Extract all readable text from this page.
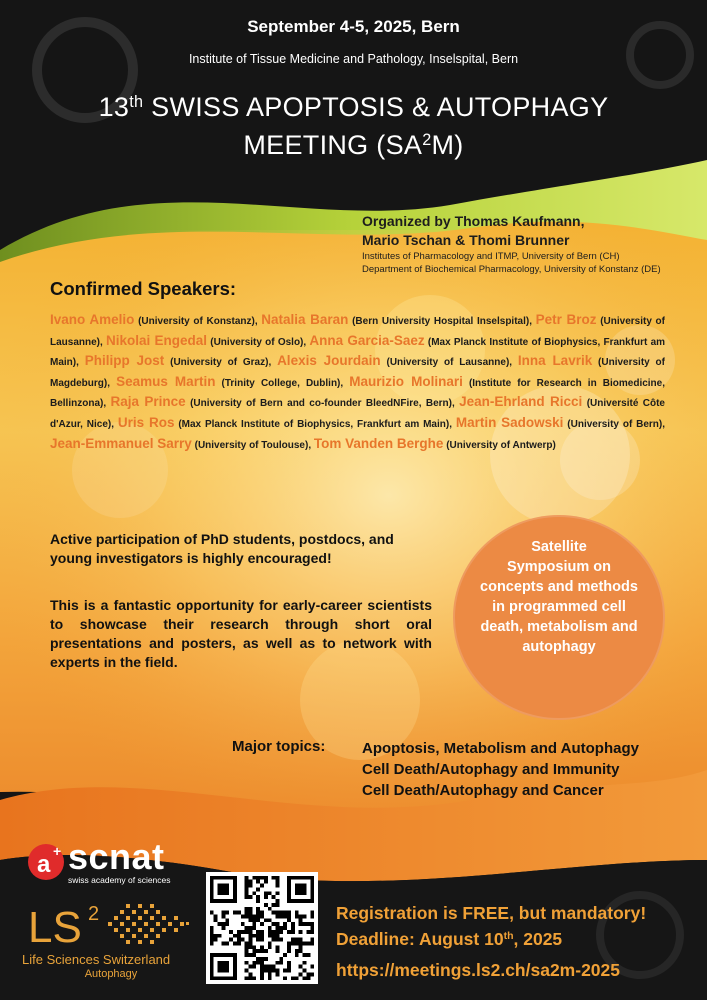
September 4-5, 2025, Bern
Institute of Tissue Medicine and Pathology, Inselspital, Bern
13th SWISS APOPTOSIS & AUTOPHAGY
MEETING $(SA^2M)$
Organized by Thomas Kaufmann,
Mario Tschan & Thomi Brunner
Institutes of Pharmacology and ITMP, University of Bern (CH)
Department of Biochemical Pharmacology, University of Konstanz (DE)
Confirmed Speakers:
Ivano Amelio (University of Konstanz), Natalia Baran (Bern University Hospital Inselspital), Petr Broz (University of Lausanne), Nikolai Engedal (University of Oslo), Anna Garcia-Saez (Max Planck Institute of Biophysics, Frankfurt am Main), Philipp Jost (University of Graz), Alexis Jourdain (University of Lausanne), Inna Lavrik (University of Magdeburg), Seamus Martin (Trinity College, Dublin), Maurizio Molinari (Institute for Research in Biomedicine, Bellinzona), Raja Prince (University of Bern and co-founder BleedNFire, Bern), Jean-Ehrland Ricci (Université Côte d'Azur, Nice), Uris Ros (Max Planck Institute of Biophysics, Frankfurt am Main), Martin Sadowski (University of Bern), Jean-Emmanuel Sarry (University of Toulouse), Tom Vanden Berghe (University of Antwerp)
Active participation of PhD students, postdocs, and young investigators is highly encouraged!
This is a fantastic opportunity for early-career scientists to showcase their research through short oral presentations and posters, as well as to network with experts in the field.
Satellite
Symposium on
concepts and methods
in programmed cell
death, metabolism and
autophagy
Major topics: Apoptosis, Metabolism and Autophagy
Cell Death/Autophagy and Immunity
Cell Death/Autophagy and Cancer
a + scnat
swiss academy of sciences
LS 2
Life Sciences Switzerland
Autophagy
Registration is FREE, but mandatory!
Deadline: August 10th, 2025
https://meetings.ls2.ch/sa2m-2025
